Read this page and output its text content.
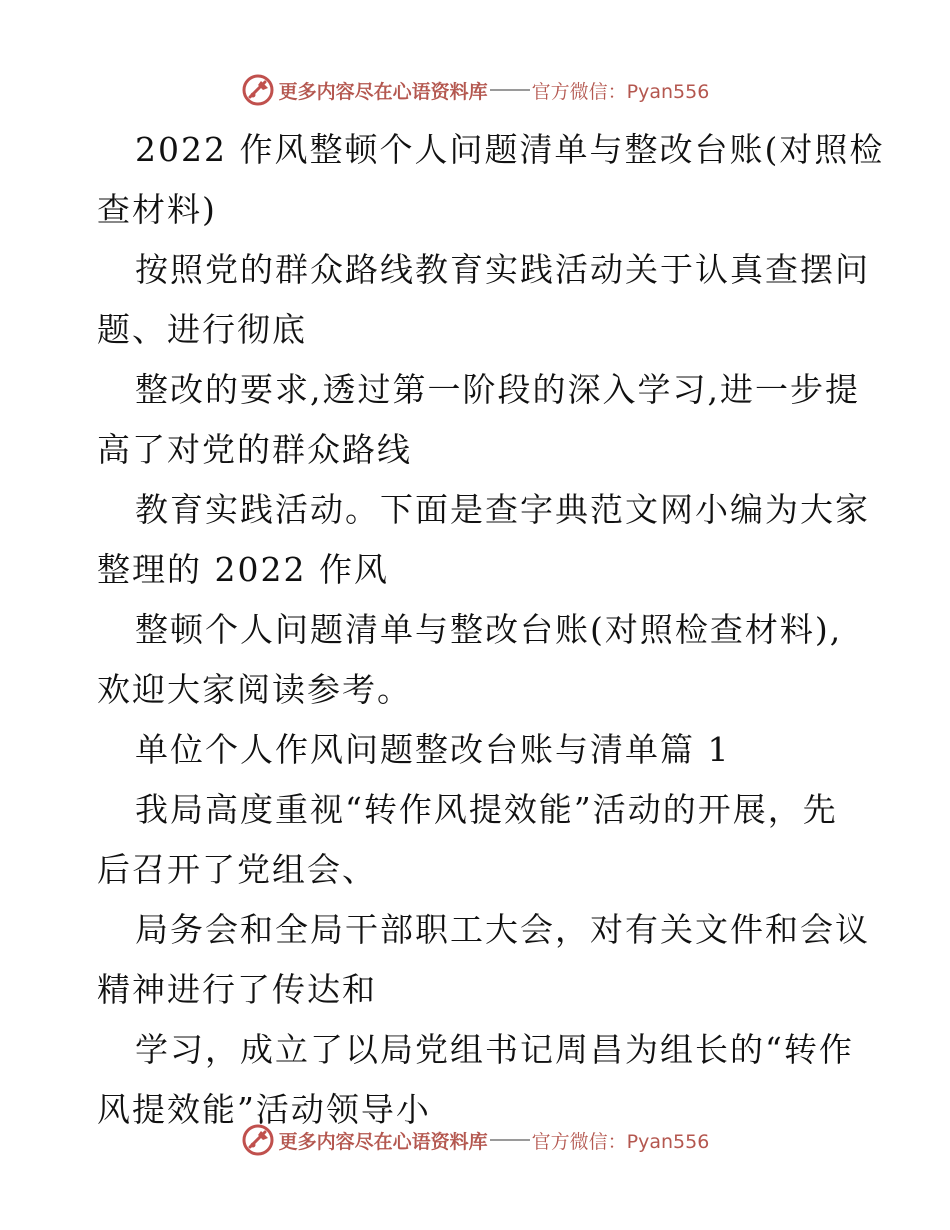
更多内容尽在心语资料库 官方微信：Pyan556
2022 作风整顿个人问题清单与整改台账(对照检
查材料)
按照党的群众路线教育实践活动关于认真查摆问
题、进行彻底
整改的要求,透过第一阶段的深入学习,进一步提
高了对党的群众路线
教育实践活动。下面是查字典范文网小编为大家
整理的 2022 作风
整顿个人问题清单与整改台账(对照检查材料),
欢迎大家阅读参考。
单位个人作风问题整改台账与清单篇 1
我局高度重视“转作风提效能”活动的开展，先
后召开了党组会、
局务会和全局干部职工大会，对有关文件和会议
精神进行了传达和
学习，成立了以局党组书记周昌为组长的“转作
风提效能”活动领导小
更多内容尽在心语资料库 官方微信：Pyan556
